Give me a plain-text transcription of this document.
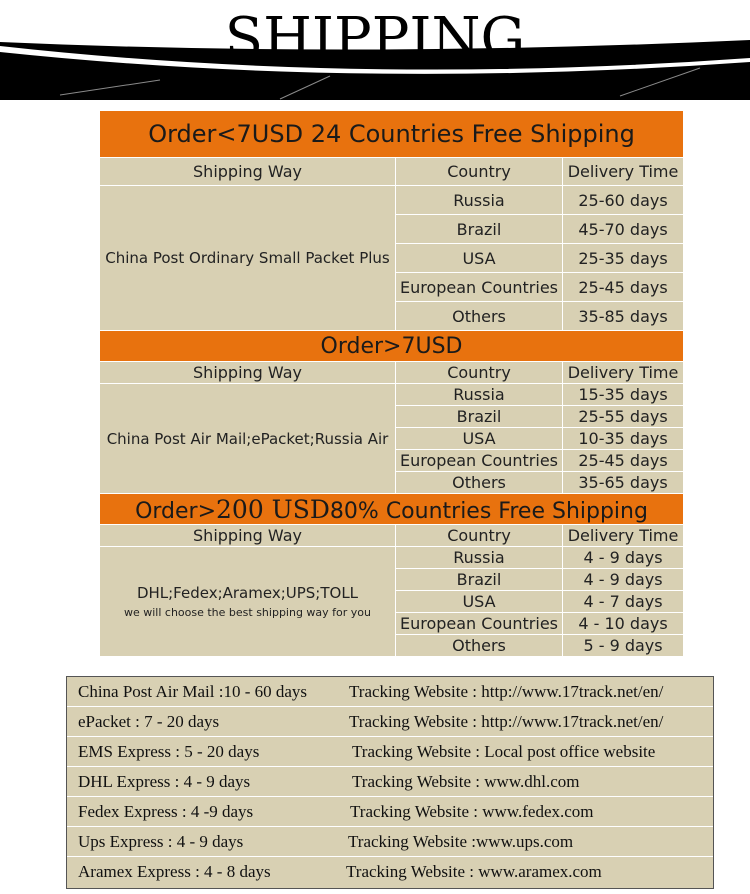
SHIPPING
Order<7USD 24 Countries Free Shipping		
Shipping Way	Country	Delivery Time
China Post Ordinary Small Packet Plus	Russia	25-60 days
	Brazil	45-70 days
	USA	25-35 days
	European Countries	25-45 days
	Others	35-85 days
Order>7USD		
Shipping Way	Country	Delivery Time
China Post Air Mail;ePacket;Russia Air	Russia	15-35 days
	Brazil	25-55 days
	USA	10-35 days
	European Countries	25-45 days
	Others	35-65 days
Order>200 USD80% Countries Free Shipping		
Shipping Way	Country	Delivery Time
DHL;Fedex;Aramex;UPS;TOLL
we will choose the best shipping way for you	Russia	4 - 9 days
	Brazil	4 - 9 days
	USA	4 - 7 days
	European Countries	4 - 10 days
	Others	5 - 9 days
China Post Air Mail :10 - 60 days Tracking Website : http://www.17track.net/en/
ePacket : 7 - 20 days	Tracking Website : http://www.17track.net/en/
EMS Express : 5 - 20 days	Tracking Website : Local post office website
DHL Express : 4 - 9 days	Tracking Website : www.dhl.com
Fedex Express : 4 -9 days	Tracking Website : www.fedex.com
Ups Express : 4 - 9 days	Tracking Website :www.ups.com
Aramex Express : 4 - 8 days	Tracking Website : www.aramex.com
